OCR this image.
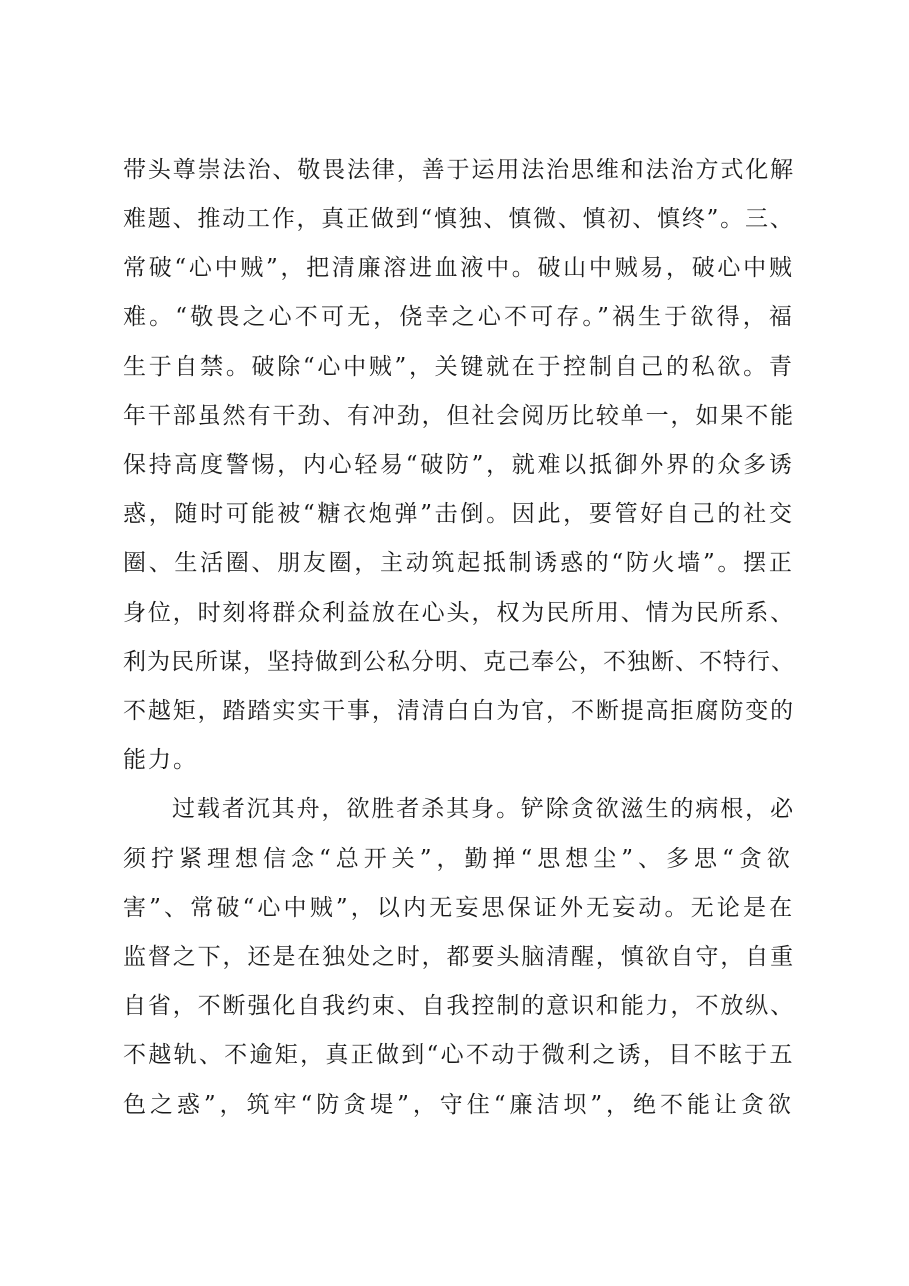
带头尊崇法治、敬畏法律，善于运用法治思维和法治方式化解
难题、推动工作，真正做到“慎独、慎微、慎初、慎终”。三、
常破“心中贼”，把清廉溶进血液中。破山中贼易，破心中贼
难。“敬畏之心不可无，侥幸之心不可存。”祸生于欲得，福
生于自禁。破除“心中贼”，关键就在于控制自己的私欲。青
年干部虽然有干劲、有冲劲，但社会阅历比较单一，如果不能
保持高度警惕，内心轻易“破防”，就难以抵御外界的众多诱
惑，随时可能被“糖衣炮弹”击倒。因此，要管好自己的社交
圈、生活圈、朋友圈，主动筑起抵制诱惑的“防火墙”。摆正
身位，时刻将群众利益放在心头，权为民所用、情为民所系、
利为民所谋，坚持做到公私分明、克己奉公，不独断、不特行、
不越矩，踏踏实实干事，清清白白为官，不断提高拒腐防变的
能力。
过载者沉其舟，欲胜者杀其身。铲除贪欲滋生的病根，必
须拧紧理想信念“总开关”，勤掸“思想尘”、多思“贪欲
害”、常破“心中贼”，以内无妄思保证外无妄动。无论是在
监督之下，还是在独处之时，都要头脑清醒，慎欲自守，自重
自省，不断强化自我约束、自我控制的意识和能力，不放纵、
不越轨、不逾矩，真正做到“心不动于微利之诱，目不眩于五
色之惑”，筑牢“防贪堤”，守住“廉洁坝”，绝不能让贪欲
